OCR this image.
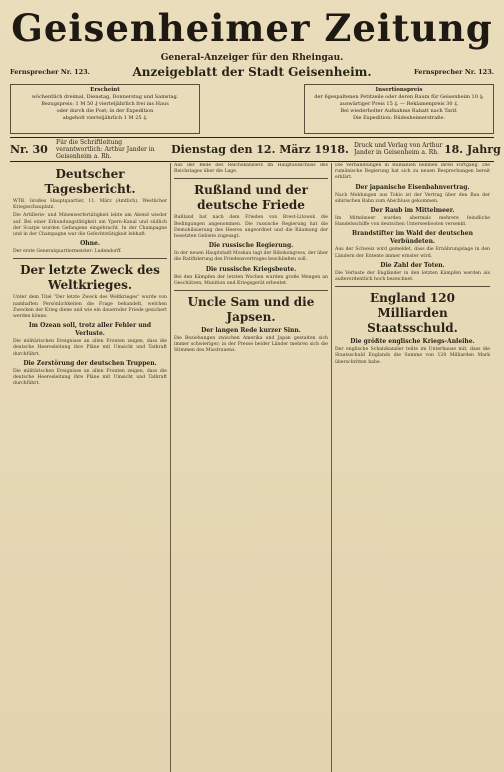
Geisenheimer Zeitung
General-Anzeiger für den Rheingau.
Fernsprecher Nr. 123.	Anzeigeblatt der Stadt Geisenheim.	Fernsprecher Nr. 123.
Erscheint
wöchentlich dreimal, Dienstag, Donnerstag und Samstag.
Bezugspreis: 1 M 50 ₰ vierteljährlich frei ins Haus
oder durch die Post; in der Expedition
abgeholt vierteljährlich 1 M 25 ₰.
Insertionspreis
der 6gespaltenen Petitzeile oder deren Raum für Geisenheim 10 ₰;
auswärtiger Preis 15 ₰. — Reklamenpreis 30 ₰.
Bei wiederholter Aufnahme Rabatt nach Tarif.
Die Expedition: Rüdesheimerstraße.
Nr. 30
Für die Schriftleitung verantwortlich: Arthur Jander in Geisenheim a. Rh.
Dienstag den 12. März 1918. Druck und Verlag von Arthur Jander in Geisenheim a. Rh. 18. Jahrg
Deutscher Tagesbericht.

WTB. Großes Hauptquartier, 11. März (Amtlich). Westlicher Kriegsschauplatz.

Die Artillerie- und Minenwerfertätigkeit lebte am Abend wieder auf. Bei einer Erkundungstätigkeit am Ypern-Kanal und südlich der Scarpe wurden Gefangene eingebracht. In der Champagne und in der Champagne war die Gefechtstätigkeit lebhaft.

Ohne.

Der erste Generalquartiermeister: Ludendorff.

Der letzte Zweck des Weltkrieges.

Unter dem Titel "Der letzte Zweck des Weltkrieges" wurde von namhaften Persönlichkeiten die Frage behandelt, welchen Zwecken der Krieg diene und wie ein dauernder Friede gesichert werden könne.

Im Ozean soll, trotz aller Fehler und Verluste.

Die militärischen Ereignisse an allen Fronten zeigen, dass die deutsche Heeresleitung ihre Pläne mit Umsicht und Tatkraft durchführt.

Die Zerstörung der deutschen Truppen.

Die militärischen Ereignisse an allen Fronten zeigen, dass die deutsche Heeresleitung ihre Pläne mit Umsicht und Tatkraft durchführt.

Aus der Rede des Reichskanzlers im Hauptausschuss des Reichstages über die Lage.

Rußland und der deutsche Friede

Rußland hat nach dem Frieden von Brest-Litowsk die Bedingungen angenommen. Die russische Regierung hat die Demobilisierung des Heeres angeordnet und die Räumung der besetzten Gebiete zugesagt.

Die russische Regierung.

In der neuen Hauptstadt Moskau tagt der Rätekongress, der über die Ratifizierung des Friedensvertrages beschließen soll.

Die russische Kriegsbeute.

Bei den Kämpfen der letzten Wochen wurden große Mengen an Geschützen, Munition und Kriegsgerät erbeutet.

Uncle Sam und die Japsen.
Der langen Rede kurzer Sinn.

Die Beziehungen zwischen Amerika und Japan gestalten sich immer schwieriger; in der Presse beider Länder mehren sich die Stimmen des Misstrauens.

Die Verhandlungen in Rumänien nehmen ihren Fortgang. Die rumänische Regierung hat sich zu neuen Besprechungen bereit erklärt.

Der japanische Eisenbahnvertrag.

Nach Meldungen aus Tokio ist der Vertrag über den Bau der sibirischen Bahn zum Abschluss gekommen.

Der Raub im Mittelmeer.

Im Mittelmeer wurden abermals mehrere feindliche Handelsschiffe von deutschen Unterseebooten versenkt.

Brandstifter im Wald der deutschen Verbündeten.

Aus der Schweiz wird gemeldet, dass die Ernährungslage in den Ländern der Entente immer ernster wird.

Die Zahl der Toten.

Die Verluste der Engländer in den letzten Kämpfen werden als außerordentlich hoch bezeichnet.

England 120 Milliarden Staatsschuld.
Die größte englische Kriegs-Anleihe.

Der englische Schatzkanzler teilte im Unterhause mit, dass die Staatsschuld Englands die Summe von 120 Milliarden Mark überschritten habe.
